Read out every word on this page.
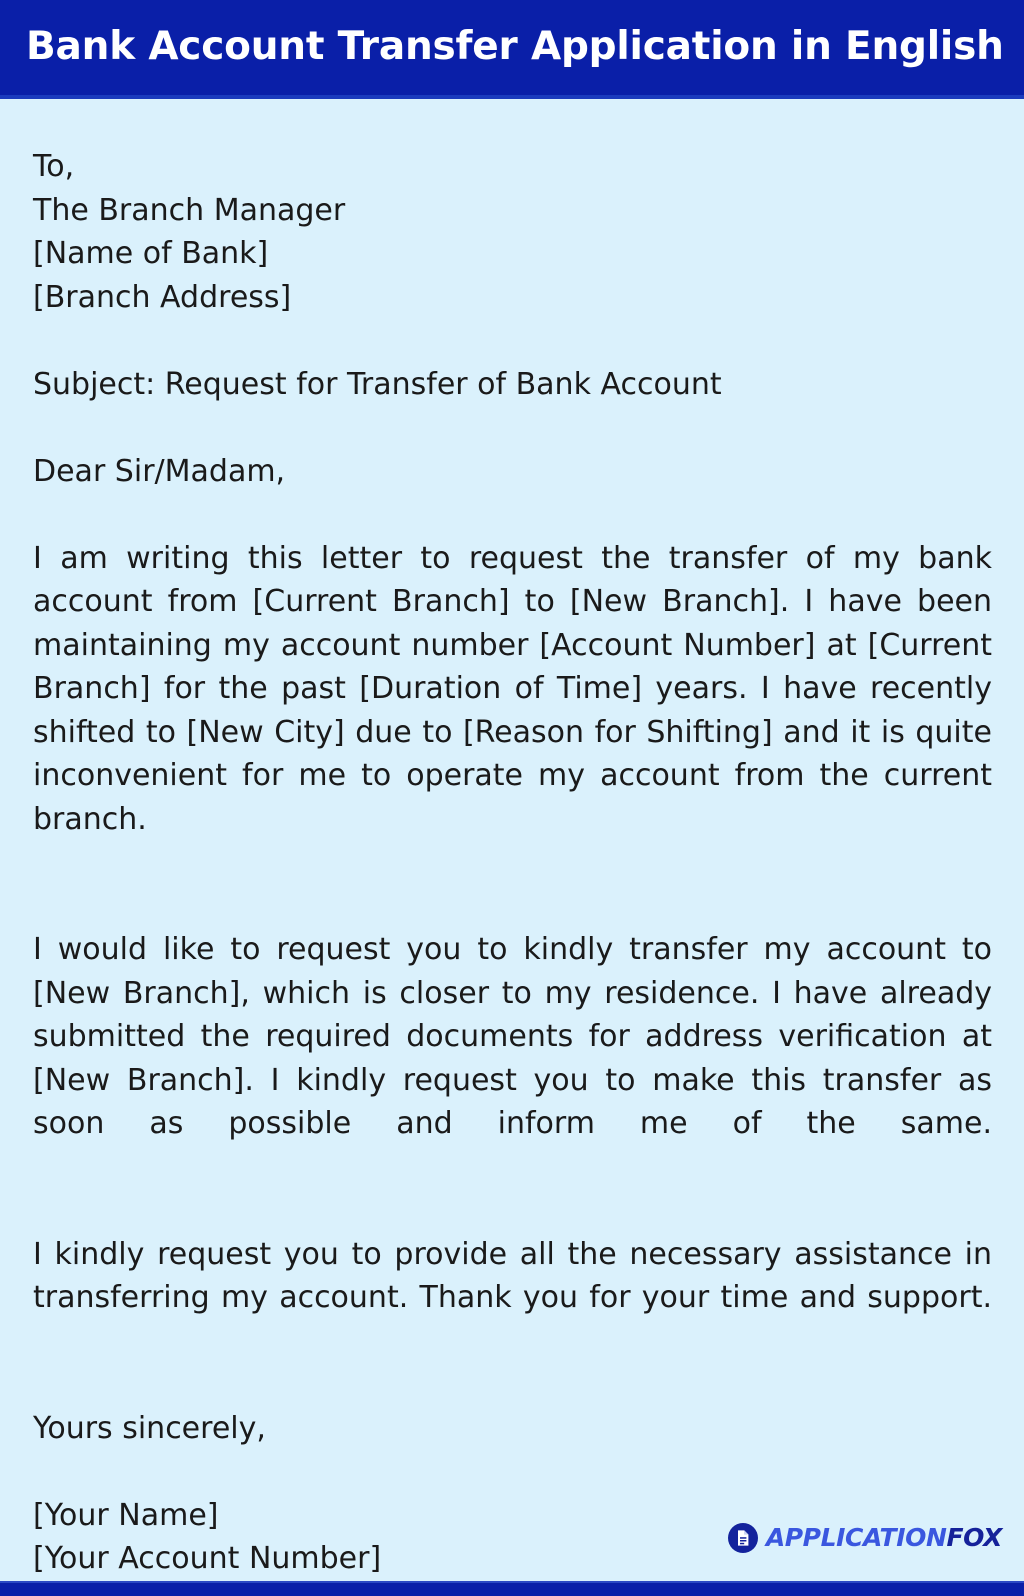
Bank Account Transfer Application in English
To,
The Branch Manager
[Name of Bank]
[Branch Address]
Subject: Request for Transfer of Bank Account
Dear Sir/Madam,

I am writing this letter to request the transfer of my bank account from [Current Branch] to [New Branch]. I have been maintaining my account number [Account Number] at [Current Branch] for the past [Duration of Time] years. I have recently shifted to [New City] due to [Reason for Shifting] and it is quite inconvenient for me to operate my account from the current branch.

I would like to request you to kindly transfer my account to [New Branch], which is closer to my residence. I have already submitted the required documents for address verification at [New Branch]. I kindly request you to make this transfer as soon as possible and inform me of the same.

I kindly request you to provide all the necessary assistance in transferring my account. Thank you for your time and support.

Yours sincerely,
[Your Name]
[Your Account Number]
APPLICATIONFOX
